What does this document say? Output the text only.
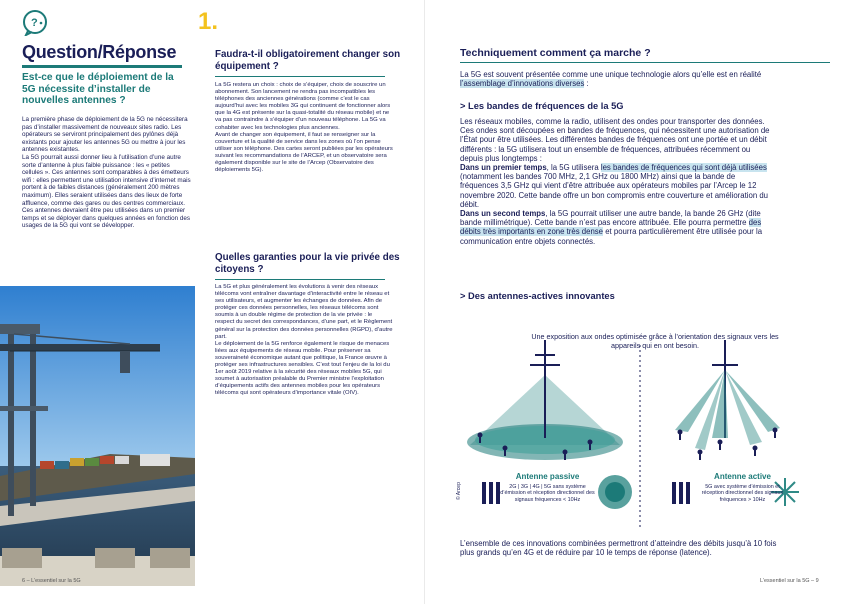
?	1.
Question/Réponse
Est-ce que le déploiement de la 5G nécessite d’installer de nouvelles antennes ?

La première phase de déploiement de la 5G ne nécessitera pas d’installer massivement de nouveaux sites radio. Les opérateurs se serviront principalement des pylônes déjà existants pour ajouter les antennes 5G ou mettre à jour les antennes existantes.

La 5G pourrait aussi donner lieu à l’utilisation d’une autre sorte d’antenne à plus faible puissance : les « petites cellules ». Ces antennes sont comparables à des émetteurs wifi : elles permettent une utilisation intensive d’internet mais portent à de faibles distances (généralement 200 mètres maximum). Elles seraient utilisées dans des lieux de forte affluence, comme des gares ou des centres commerciaux. Ces antennes devraient être peu utilisées dans un premier temps et se déployer dans quelques années en fonction des usages de la 5G qui vont se développer.

6 – L’essentiel sur la 5G
Faudra-t-il obligatoirement changer son équipement ?

La 5G restera un choix : choix de s’équiper, choix de souscrire un abonnement. Son lancement ne rendra pas incompatibles les téléphones des anciennes générations (comme c’est le cas aujourd’hui avec les mobiles 3G qui continuent de fonctionner alors que la 4G est présente sur la quasi-totalité du réseau mobile) et ne va pas contraindre à s’équiper d’un nouveau téléphone. La 5G va cohabiter avec les technologies plus anciennes.

Avant de changer son équipement, il faut se renseigner sur la couverture et la qualité de service dans les zones où l’on pense utiliser son téléphone. Des cartes seront publiées par les opérateurs suivant les recommandations de l’ARCEP, et un observatoire sera également disponible sur le site de l’Arcep (Observatoire des déploiements 5G).

Quelles garanties pour la vie privée des citoyens ?

La 5G et plus généralement les évolutions à venir des réseaux télécoms vont entraîner davantage d’interactivité entre le réseau et ses utilisateurs, et augmenter les échanges de données. Afin de protéger ces données personnelles, les réseaux télécoms sont soumis à un double régime de protection de la vie privée : le respect du secret des correspondances, d’une part, et le Règlement général sur la protection des données personnelles (RGPD), d’autre part.

Le déploiement de la 5G renforce également le risque de menaces liées aux équipements de réseau mobile. Pour préserver sa souveraineté économique autant que politique, la France œuvre à protéger ses infrastructures sensibles. C’est tout l’enjeu de la loi du 1er août 2019 relative à la sécurité des réseaux mobiles 5G, qui soumet à autorisation préalable du Premier ministre l’exploitation d’équipements actifs des antennes mobiles pour les opérateurs télécoms qui sont opérateurs d’importance vitale (OIV).

Techniquement comment ça marche ?

La 5G est souvent présentée comme une unique technologie alors qu’elle est en réalité l’assemblage d’innovations diverses :

> Les bandes de fréquences de la 5G

Les réseaux mobiles, comme la radio, utilisent des ondes pour transporter des données. Ces ondes sont découpées en bandes de fréquences, qui nécessitent une autorisation de l’État pour être utilisées. Les différentes bandes de fréquences ont une portée et un débit différents : la 5G utilisera tout un ensemble de fréquences, attribuées récemment ou depuis plus longtemps :

Dans un premier temps, la 5G utilisera les bandes de fréquences qui sont déjà utilisées (notamment les bandes 700 MHz, 2,1 GHz ou 1800 MHz) ainsi que la bande de fréquences 3,5 GHz qui vient d’être attribuée aux opérateurs mobiles par l’Arcep le 12 novembre 2020. Cette bande offre un bon compromis entre couverture et amélioration du débit.

Dans un second temps, la 5G pourrait utiliser une autre bande, la bande 26 GHz (dite bande millimétrique). Cette bande n’est pas encore attribuée. Elle pourra permettre des débits très importants en zone très dense et pourra particulièrement être utilisée pour la communication entre objets connectés.

> Des antennes-actives innovantes
Une exposition aux ondes optimisée grâce à l’orientation des signaux vers les appareils qui en ont besoin.
Antenne passive
2G | 3G | 4G | 5G sans système d’émission et réception directionnel des signaux fréquences < 10Hz
Antenne active
5G avec système d’émission et réception directionnel des signaux fréquences > 10Hz
© Arcep
L’ensemble de ces innovations combinées permettront d’atteindre des débits jusqu’à 10 fois plus grands qu’en 4G et de réduire par 10 le temps de réponse (latence).
L’essentiel sur la 5G – 9
